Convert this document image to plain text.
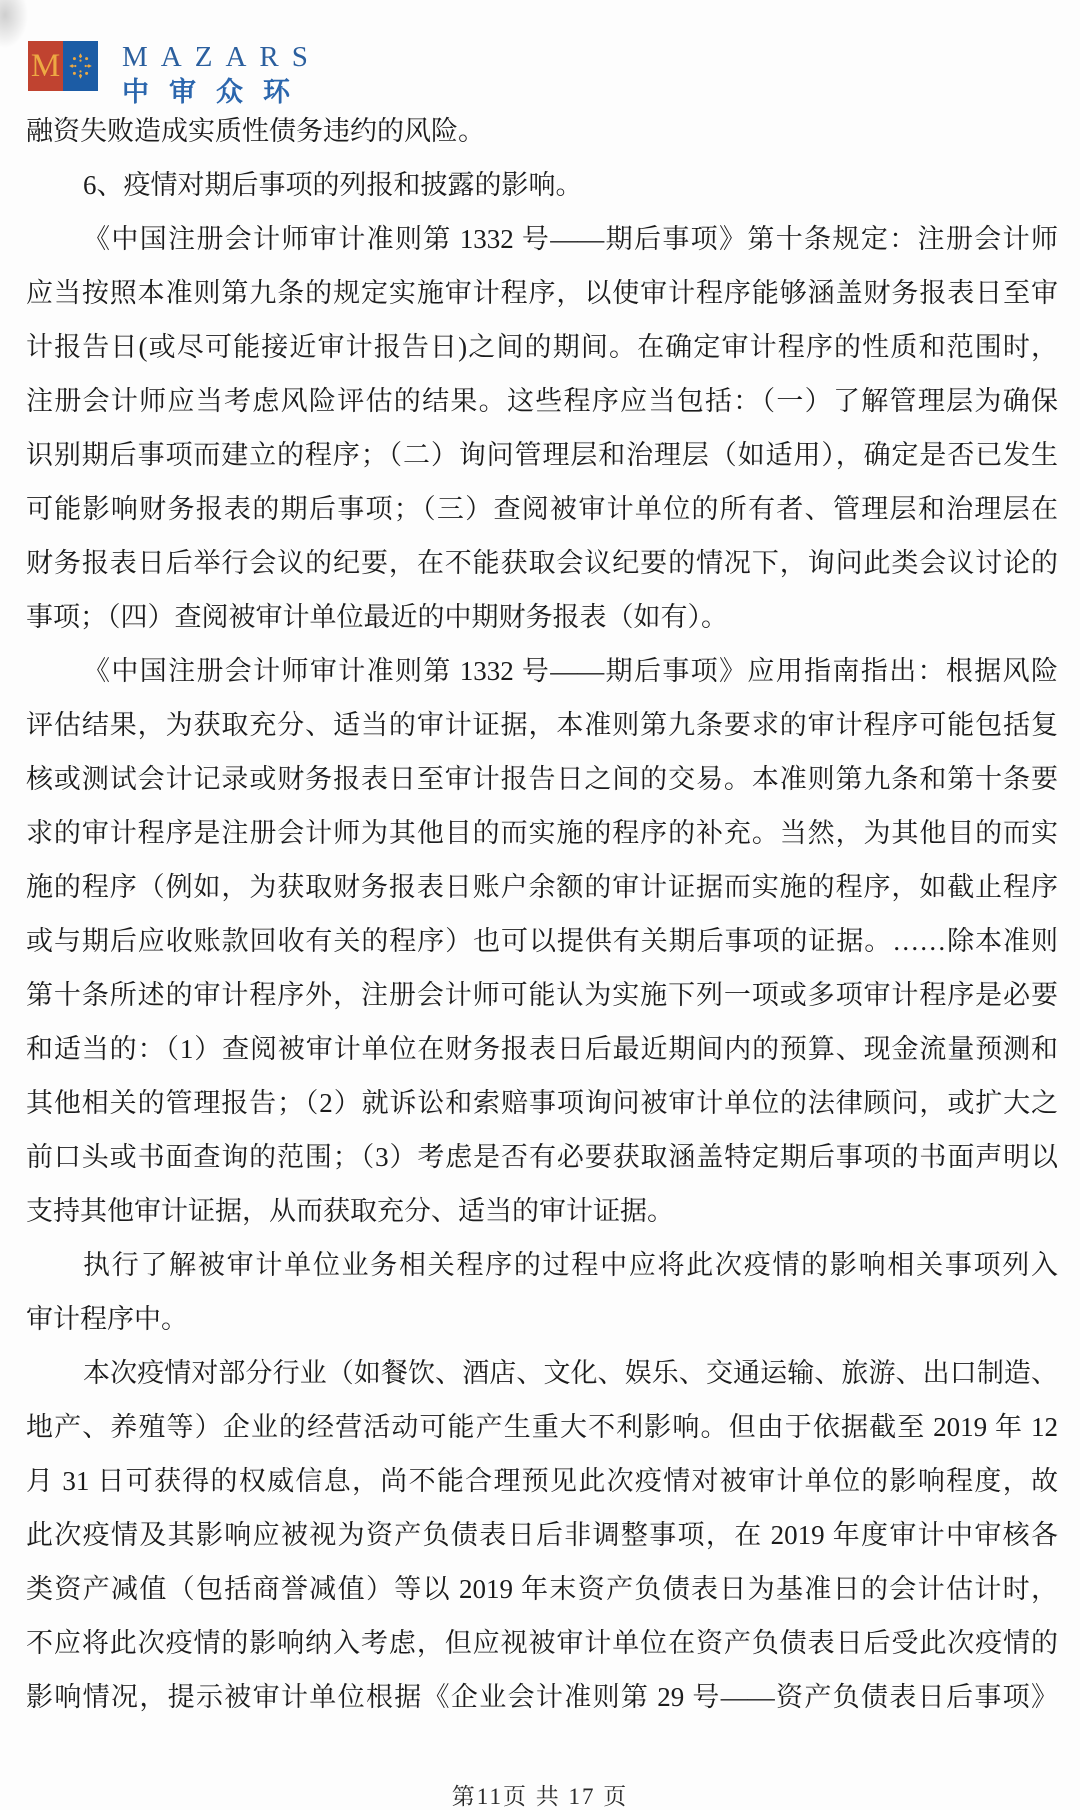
M MAZARS
中审众环
融资失败造成实质性债务违约的风险。
6、疫情对期后事项的列报和披露的影响。
《中国注册会计师审计准则第 1332 号——期后事项》第十条规定：注册会计师
应当按照本准则第九条的规定实施审计程序，以使审计程序能够涵盖财务报表日至审
计报告日(或尽可能接近审计报告日)之间的期间。在确定审计程序的性质和范围时，
注册会计师应当考虑风险评估的结果。这些程序应当包括：（一）了解管理层为确保
识别期后事项而建立的程序；（二）询问管理层和治理层（如适用），确定是否已发生
可能影响财务报表的期后事项；（三）查阅被审计单位的所有者、管理层和治理层在
财务报表日后举行会议的纪要，在不能获取会议纪要的情况下，询问此类会议讨论的
事项；（四）查阅被审计单位最近的中期财务报表（如有）。
《中国注册会计师审计准则第 1332 号——期后事项》应用指南指出：根据风险
评估结果，为获取充分、适当的审计证据，本准则第九条要求的审计程序可能包括复
核或测试会计记录或财务报表日至审计报告日之间的交易。本准则第九条和第十条要
求的审计程序是注册会计师为其他目的而实施的程序的补充。当然，为其他目的而实
施的程序（例如，为获取财务报表日账户余额的审计证据而实施的程序，如截止程序
或与期后应收账款回收有关的程序）也可以提供有关期后事项的证据。……除本准则
第十条所述的审计程序外，注册会计师可能认为实施下列一项或多项审计程序是必要
和适当的：（1）查阅被审计单位在财务报表日后最近期间内的预算、现金流量预测和
其他相关的管理报告；（2）就诉讼和索赔事项询问被审计单位的法律顾问，或扩大之
前口头或书面查询的范围；（3）考虑是否有必要获取涵盖特定期后事项的书面声明以
支持其他审计证据，从而获取充分、适当的审计证据。
执行了解被审计单位业务相关程序的过程中应将此次疫情的影响相关事项列入
审计程序中。
本次疫情对部分行业（如餐饮、酒店、文化、娱乐、交通运输、旅游、出口制造、
地产、养殖等）企业的经营活动可能产生重大不利影响。但由于依据截至 2019 年 12
月 31 日可获得的权威信息，尚不能合理预见此次疫情对被审计单位的影响程度，故
此次疫情及其影响应被视为资产负债表日后非调整事项，在 2019 年度审计中审核各
类资产减值（包括商誉减值）等以 2019 年末资产负债表日为基准日的会计估计时，
不应将此次疫情的影响纳入考虑，但应视被审计单位在资产负债表日后受此次疫情的
影响情况，提示被审计单位根据《企业会计准则第 29 号——资产负债表日后事项》
第11页 共 17 页
